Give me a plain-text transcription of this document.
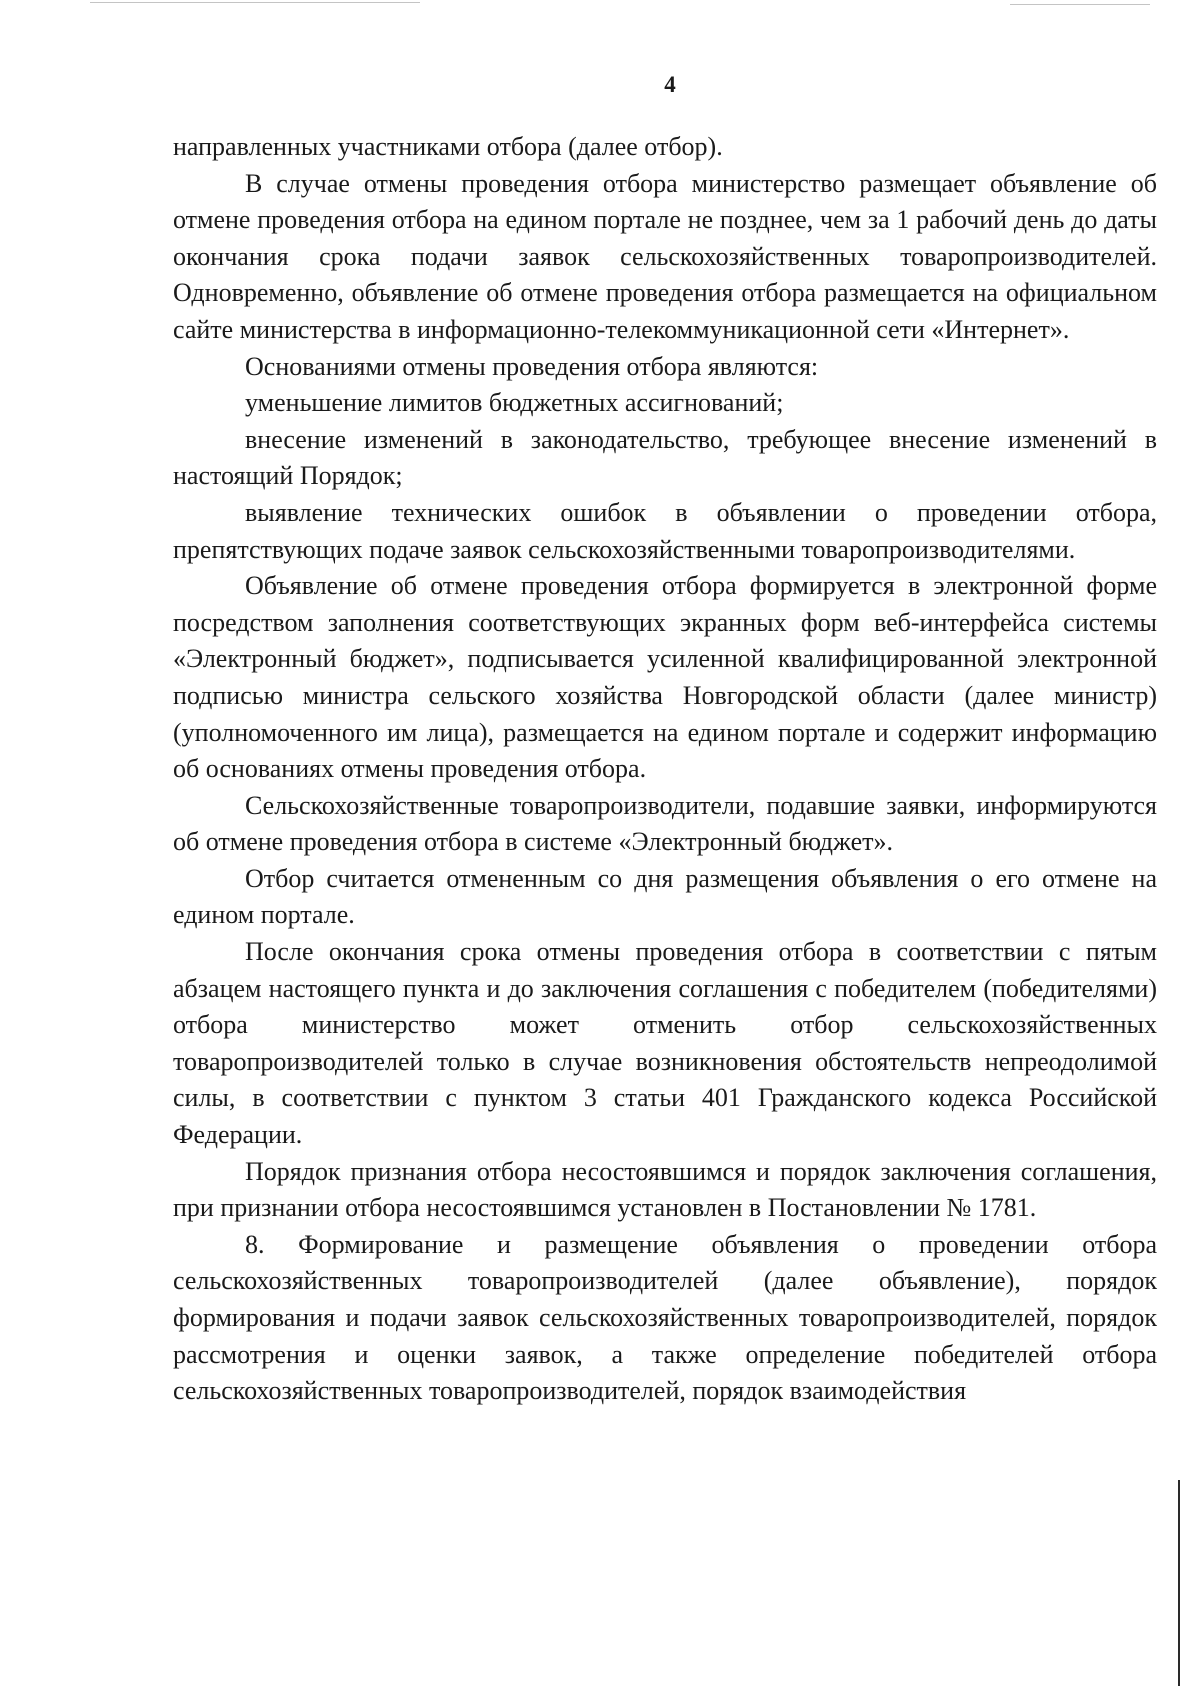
4

направленных участниками отбора (далее отбор).

В случае отмены проведения отбора министерство размещает объявление об отмене проведения отбора на едином портале не позднее, чем за 1 рабочий день до даты окончания срока подачи заявок сельскохозяйственных товаропроизводителей. Одновременно, объявление об отмене проведения отбора размещается на официальном сайте министерства в информационно-телекоммуникационной сети «Интернет».

Основаниями отмены проведения отбора являются:

уменьшение лимитов бюджетных ассигнований;

внесение изменений в законодательство, требующее внесение изменений в настоящий Порядок;

выявление технических ошибок в объявлении о проведении отбора, препятствующих подаче заявок сельскохозяйственными товаропроизводителями.

Объявление об отмене проведения отбора формируется в электронной форме посредством заполнения соответствующих экранных форм веб-интерфейса системы «Электронный бюджет», подписывается усиленной квалифицированной электронной подписью министра сельского хозяйства Новгородской области (далее министр) (уполномоченного им лица), размещается на едином портале и содержит информацию об основаниях отмены проведения отбора.

Сельскохозяйственные товаропроизводители, подавшие заявки, информируются об отмене проведения отбора в системе «Электронный бюджет».

Отбор считается отмененным со дня размещения объявления о его отмене на едином портале.

После окончания срока отмены проведения отбора в соответствии с пятым абзацем настоящего пункта и до заключения соглашения с победителем (победителями) отбора министерство может отменить отбор сельскохозяйственных товаропроизводителей только в случае возникновения обстоятельств непреодолимой силы, в соответствии с пунктом 3 статьи 401 Гражданского кодекса Российской Федерации.

Порядок признания отбора несостоявшимся и порядок заключения соглашения, при признании отбора несостоявшимся установлен в Постановлении № 1781.

8. Формирование и размещение объявления о проведении отбора сельскохозяйственных товаропроизводителей (далее объявление), порядок формирования и подачи заявок сельскохозяйственных товаропроизводителей, порядок рассмотрения и оценки заявок, а также определение победителей отбора сельскохозяйственных товаропроизводителей, порядок взаимодействия
